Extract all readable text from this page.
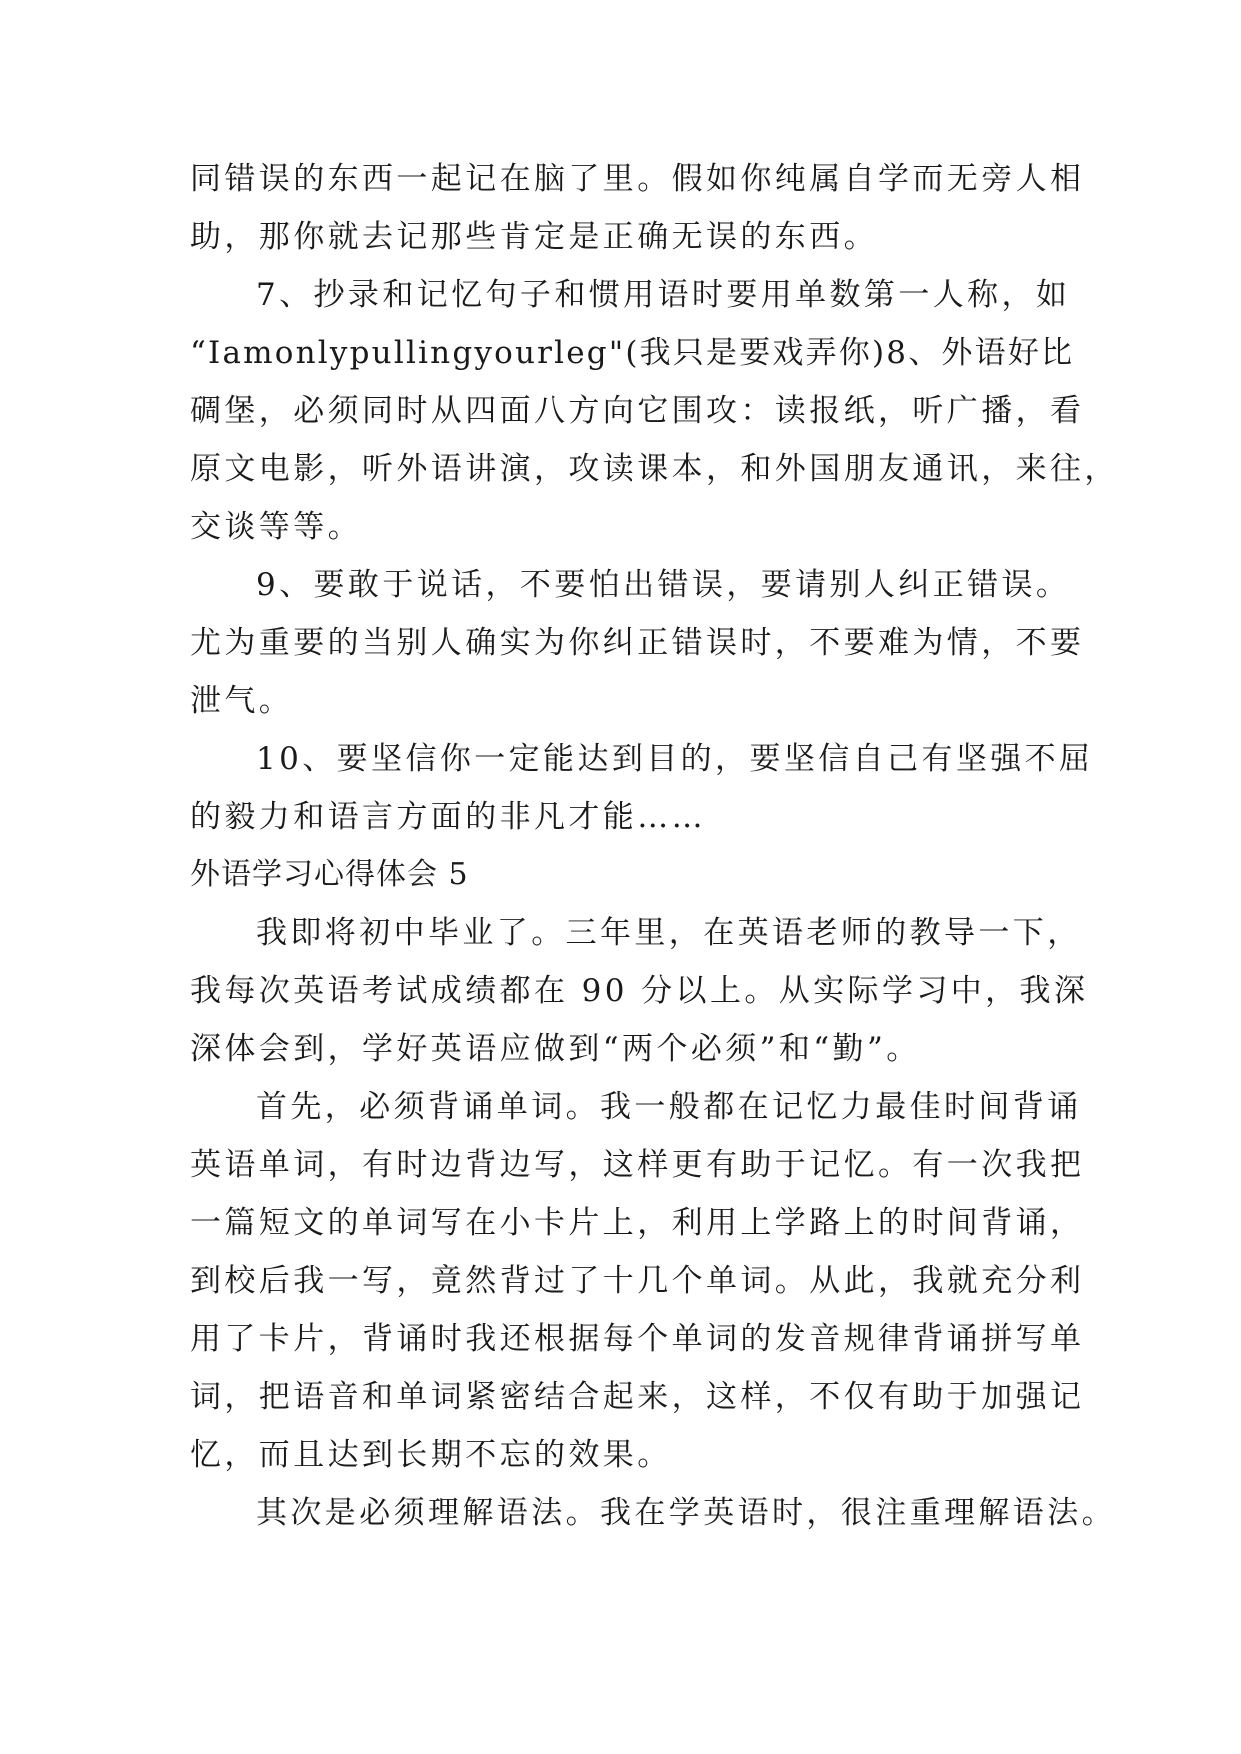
同错误的东西一起记在脑了里。假如你纯属自学而无旁人相
助，那你就去记那些肯定是正确无误的东西。
7、抄录和记忆句子和惯用语时要用单数第一人称，如
“Iamonlypullingyourleg"(我只是要戏弄你)8、外语好比
碉堡，必须同时从四面八方向它围攻：读报纸，听广播，看
原文电影，听外语讲演，攻读课本，和外国朋友通讯，来往，
交谈等等。
9、要敢于说话，不要怕出错误，要请别人纠正错误。
尤为重要的当别人确实为你纠正错误时，不要难为情，不要
泄气。
10、要坚信你一定能达到目的，要坚信自己有坚强不屈
的毅力和语言方面的非凡才能……
外语学习心得体会 5
我即将初中毕业了。三年里，在英语老师的教导一下，
我每次英语考试成绩都在 90 分以上。从实际学习中，我深
深体会到，学好英语应做到“两个必须”和“勤”。
首先，必须背诵单词。我一般都在记忆力最佳时间背诵
英语单词，有时边背边写，这样更有助于记忆。有一次我把
一篇短文的单词写在小卡片上，利用上学路上的时间背诵，
到校后我一写，竟然背过了十几个单词。从此，我就充分利
用了卡片，背诵时我还根据每个单词的发音规律背诵拼写单
词，把语音和单词紧密结合起来，这样，不仅有助于加强记
忆，而且达到长期不忘的效果。
其次是必须理解语法。我在学英语时，很注重理解语法。
